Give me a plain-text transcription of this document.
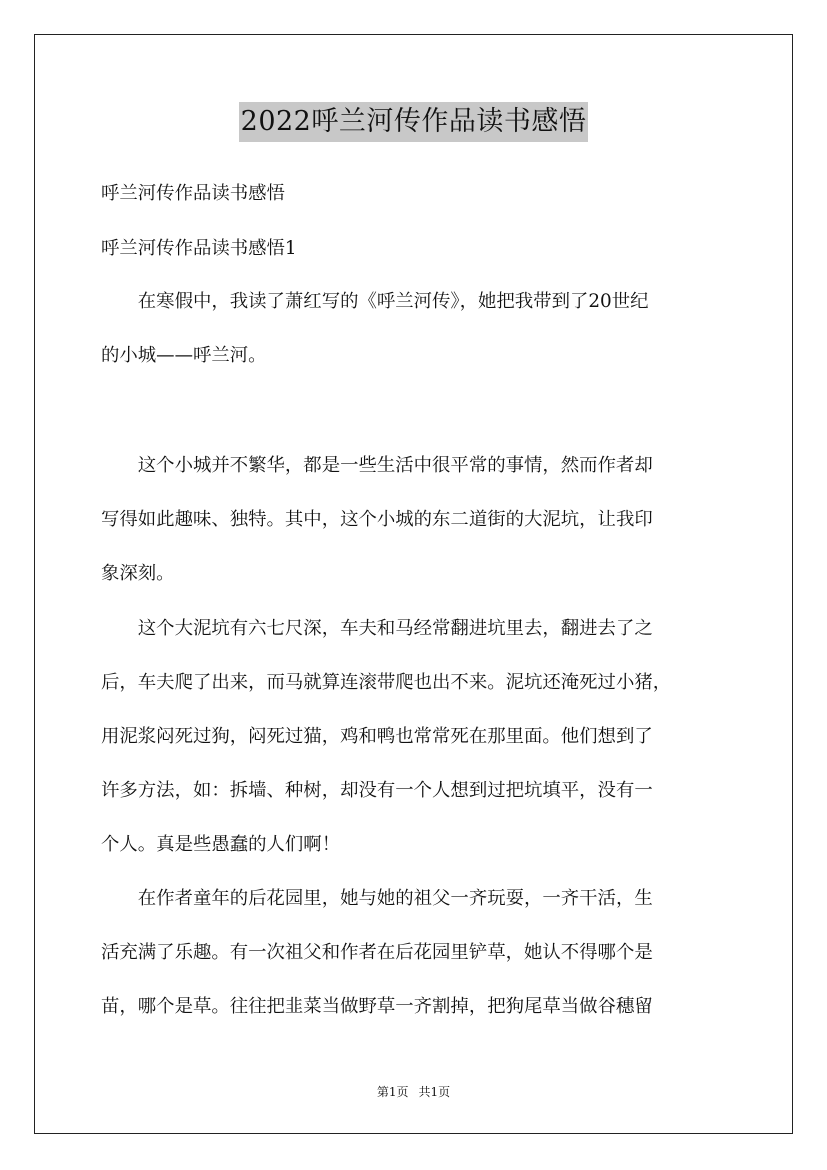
2022呼兰河传作品读书感悟
呼兰河传作品读书感悟
呼兰河传作品读书感悟1
　　在寒假中，我读了萧红写的《呼兰河传》，她把我带到了20世纪
的小城——呼兰河。
　　这个小城并不繁华，都是一些生活中很平常的事情，然而作者却
写得如此趣味、独特。其中，这个小城的东二道街的大泥坑，让我印
象深刻。
　　这个大泥坑有六七尺深，车夫和马经常翻进坑里去，翻进去了之
后，车夫爬了出来，而马就算连滚带爬也出不来。泥坑还淹死过小猪，
用泥浆闷死过狗，闷死过猫，鸡和鸭也常常死在那里面。他们想到了
许多方法，如：拆墙、种树，却没有一个人想到过把坑填平，没有一
个人。真是些愚蠢的人们啊！
　　在作者童年的后花园里，她与她的祖父一齐玩耍，一齐干活，生
活充满了乐趣。有一次祖父和作者在后花园里铲草，她认不得哪个是
苗，哪个是草。往往把韭菜当做野草一齐割掉，把狗尾草当做谷穗留
第1页 共1页
